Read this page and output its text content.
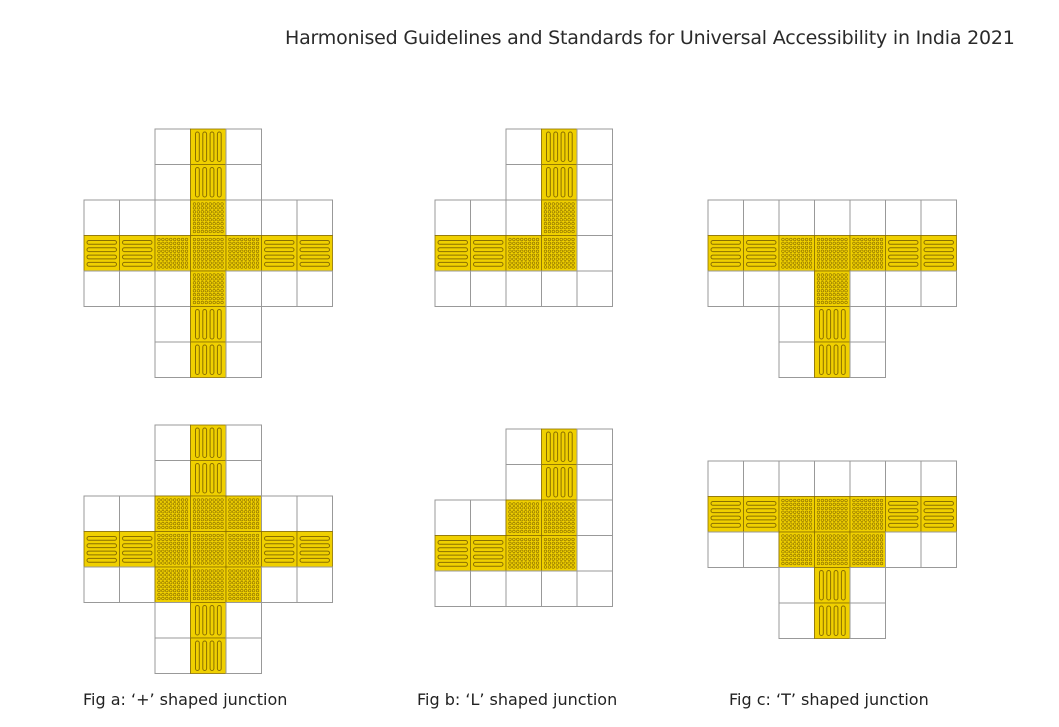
Harmonised Guidelines and Standards for Universal Accessibility in India 2021
Fig a: ‘+’ shaped junction	Fig b: ‘L’ shaped junction	Fig c: ‘T’ shaped junction
